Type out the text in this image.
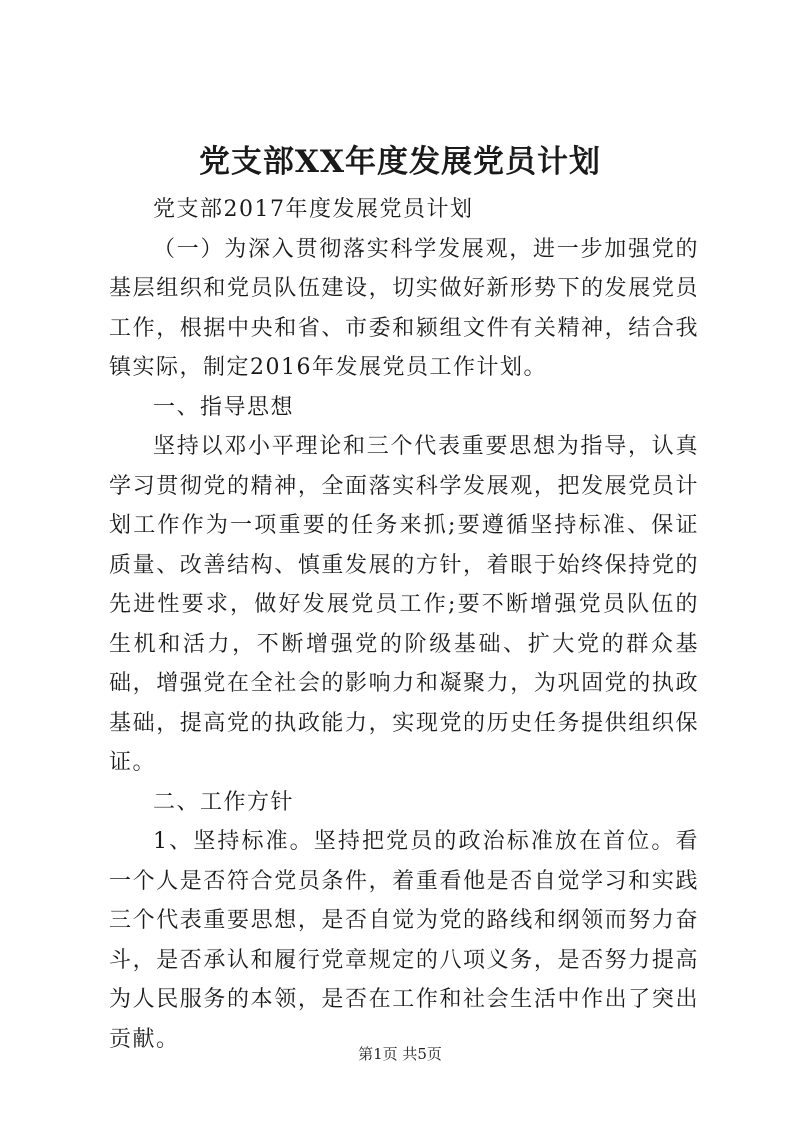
党支部XX年度发展党员计划

党支部2017年度发展党员计划

（一）为深入贯彻落实科学发展观，进一步加强党的基层组织和党员队伍建设，切实做好新形势下的发展党员工作，根据中央和省、市委和颍组文件有关精神，结合我镇实际，制定2016年发展党员工作计划。

一、指导思想

坚持以邓小平理论和三个代表重要思想为指导，认真学习贯彻党的精神，全面落实科学发展观，把发展党员计划工作作为一项重要的任务来抓;要遵循坚持标准、保证质量、改善结构、慎重发展的方针，着眼于始终保持党的先进性要求，做好发展党员工作;要不断增强党员队伍的生机和活力，不断增强党的阶级基础、扩大党的群众基础，增强党在全社会的影响力和凝聚力，为巩固党的执政基础，提高党的执政能力，实现党的历史任务提供组织保证。

二、工作方针

1、坚持标准。坚持把党员的政治标准放在首位。看一个人是否符合党员条件，着重看他是否自觉学习和实践三个代表重要思想，是否自觉为党的路线和纲领而努力奋斗，是否承认和履行党章规定的八项义务，是否努力提高为人民服务的本领，是否在工作和社会生活中作出了突出贡献。

第1页 共5页
